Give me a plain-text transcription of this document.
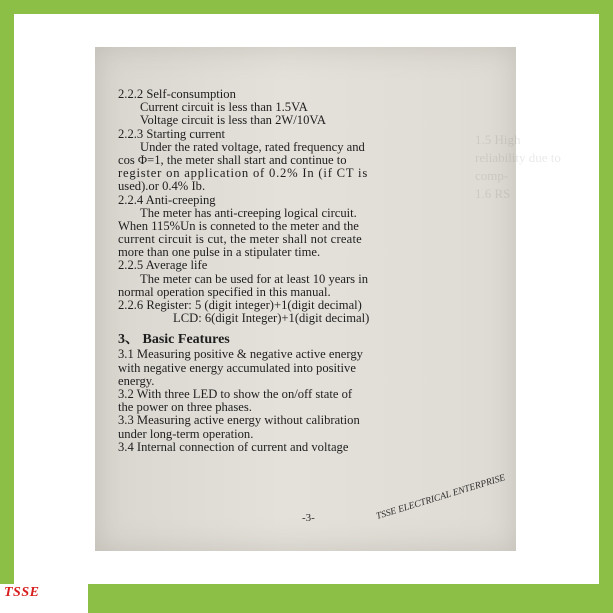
1.5 High reliability due to
comp-
1.6 RS
2.2.2 Self-consumption
Current circuit is less than 1.5VA
Voltage circuit is less than 2W/10VA
2.2.3 Starting current
Under the rated voltage, rated frequency and
cos Φ=1, the meter shall start and continue to
register on application of 0.2% In (if CT is
used).or 0.4% Ib.
2.2.4 Anti-creeping
The meter has anti-creeping logical circuit.
When 115%Un is conneted to the meter and the
current circuit is cut, the meter shall not create
more than one pulse in a stipulater time.
2.2.5 Average life
The meter can be used for at least 10 years in
normal operation specified in this manual.
2.2.6 Register: 5 (digit integer)+1(digit decimal)
LCD: 6(digit Integer)+1(digit decimal)
3、 Basic Features
3.1 Measuring positive & negative active energy
with negative energy accumulated into positive
energy.
3.2 With three LED to show the on/off state of
the power on three phases.
3.3 Measuring active energy without calibration
under long-term operation.
3.4 Internal connection of current and voltage
-3-	TSSE ELECTRICAL ENTERPRISE
TSSE
